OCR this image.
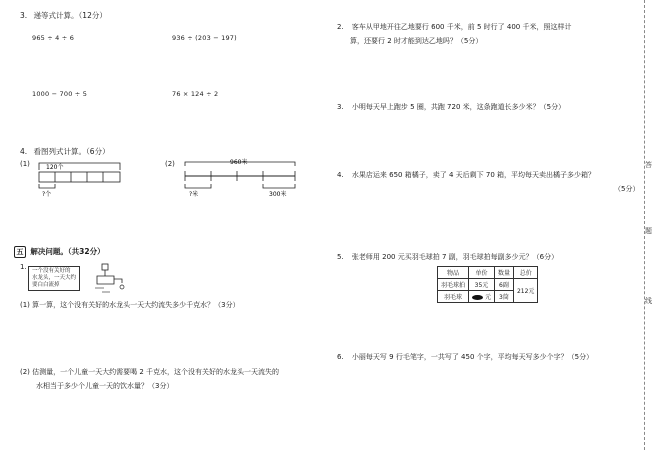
3. 递等式计算。（12分）
965 ÷ 4 ÷ 6	936 ÷ (203 − 197)
1000 − 700 ÷ 5	76 × 124 ÷ 2
4. 看图列式计算。（6分）
(1)	120个
?个
(2)	960米
?米	300米
五 解决问题。（共32分）
1. 一个没有关好的
水龙头，一天大约
要白白流掉
(1) 算一算，这个没有关好的水龙头一天大约流失多少千克水？（3分）
(2) 估测量，一个儿童一天大约需要喝 2 千克水，这个没有关好的水龙头一天流失的
水相当于多少个儿童一天的饮水量？（3分）
2. 客车从甲地开往乙地要行 600 千米，前 5 时行了 400 千米，照这样计
算，还要行 2 时才能到达乙地吗？（5分）
3. 小明每天早上跑步 5 圈，共跑 720 米，这条跑道长多少米？（5分）
4. 水果店运来 650 箱橘子，卖了 4 天后剩下 70 箱，平均每天卖出橘子多少箱？
（5分）
5. 张老师用 200 元买羽毛球拍 7 副，羽毛球拍每副多少元？（6分）
物品	单价	数量	总价
羽毛球拍	35元	6副	212元
羽毛球	元	3筒	
6. 小丽每天写 9 行毛笔字，一共写了 450 个字，平均每天写多少个字？（5分）
答
题
线
